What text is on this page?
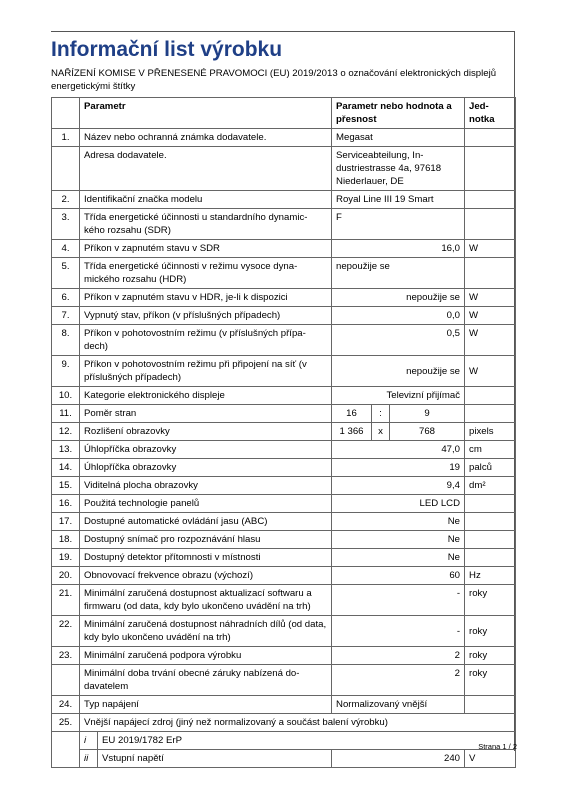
Informační list výrobku

NAŘÍZENÍ KOMISE V PŘENESENÉ PRAVOMOCI (EU) 2019/2013 o označování elektronických displejů energetickými štítky

	Parametr		Parametr nebo hodnota a přesnost			Jed-notka
1.	Název nebo ochranná známka dodavatele.		Megasat			
	Adresa dodavatele.		Serviceabteilung, In-dustriestrasse 4a, 97618 Niederlauer, DE			
2.	Identifikační značka modelu		Royal Line III 19 Smart			
3.	Třída energetické účinnosti u standardního dynamic-kého rozsahu (SDR)		F			
4.	Příkon v zapnutém stavu v SDR		16,0			W
5.	Třída energetické účinnosti v režimu vysoce dyna-mického rozsahu (HDR)		nepoužije se			
6.	Příkon v zapnutém stavu v HDR, je-li k dispozici		nepoužije se			W
7.	Vypnutý stav, příkon (v příslušných případech)		0,0			W
8.	Příkon v pohotovostním režimu (v příslušných přípa-dech)		0,5			W
9.	Příkon v pohotovostním režimu při připojení na síť (v příslušných případech)		nepoužije se			W
10.	Kategorie elektronického displeje		Televizní přijímač			
11.	Poměr stran		16	:	9	
12.	Rozlišení obrazovky		1 366	x	768	pixels
13.	Úhlopříčka obrazovky		47,0			cm
14.	Úhlopříčka obrazovky		19			palců
15.	Viditelná plocha obrazovky		9,4			dm²
16.	Použitá technologie panelů		LED LCD			
17.	Dostupné automatické ovládání jasu (ABC)		Ne			
18.	Dostupný snímač pro rozpoznávání hlasu		Ne			
19.	Dostupný detektor přítomnosti v místnosti		Ne			
20.	Obnovovací frekvence obrazu (výchozí)		60			Hz
21.	Minimální zaručená dostupnost aktualizací softwaru a firmwaru (od data, kdy bylo ukončeno uvádění na trh)		-			roky
22.	Minimální zaručená dostupnost náhradních dílů (od data, kdy bylo ukončeno uvádění na trh)		-			roky
23.	Minimální zaručená podpora výrobku		2			roky
	Minimální doba trvání obecné záruky nabízená do-davatelem		2			roky
24.	Typ napájení		Normalizovaný vnější			
25.	Vnější napájecí zdroj (jiný než normalizovaný a součást balení výrobku)					
	i	EU 2019/1782 ErP				
	ii	Vstupní napětí	240			V
Strana 1 / 2
